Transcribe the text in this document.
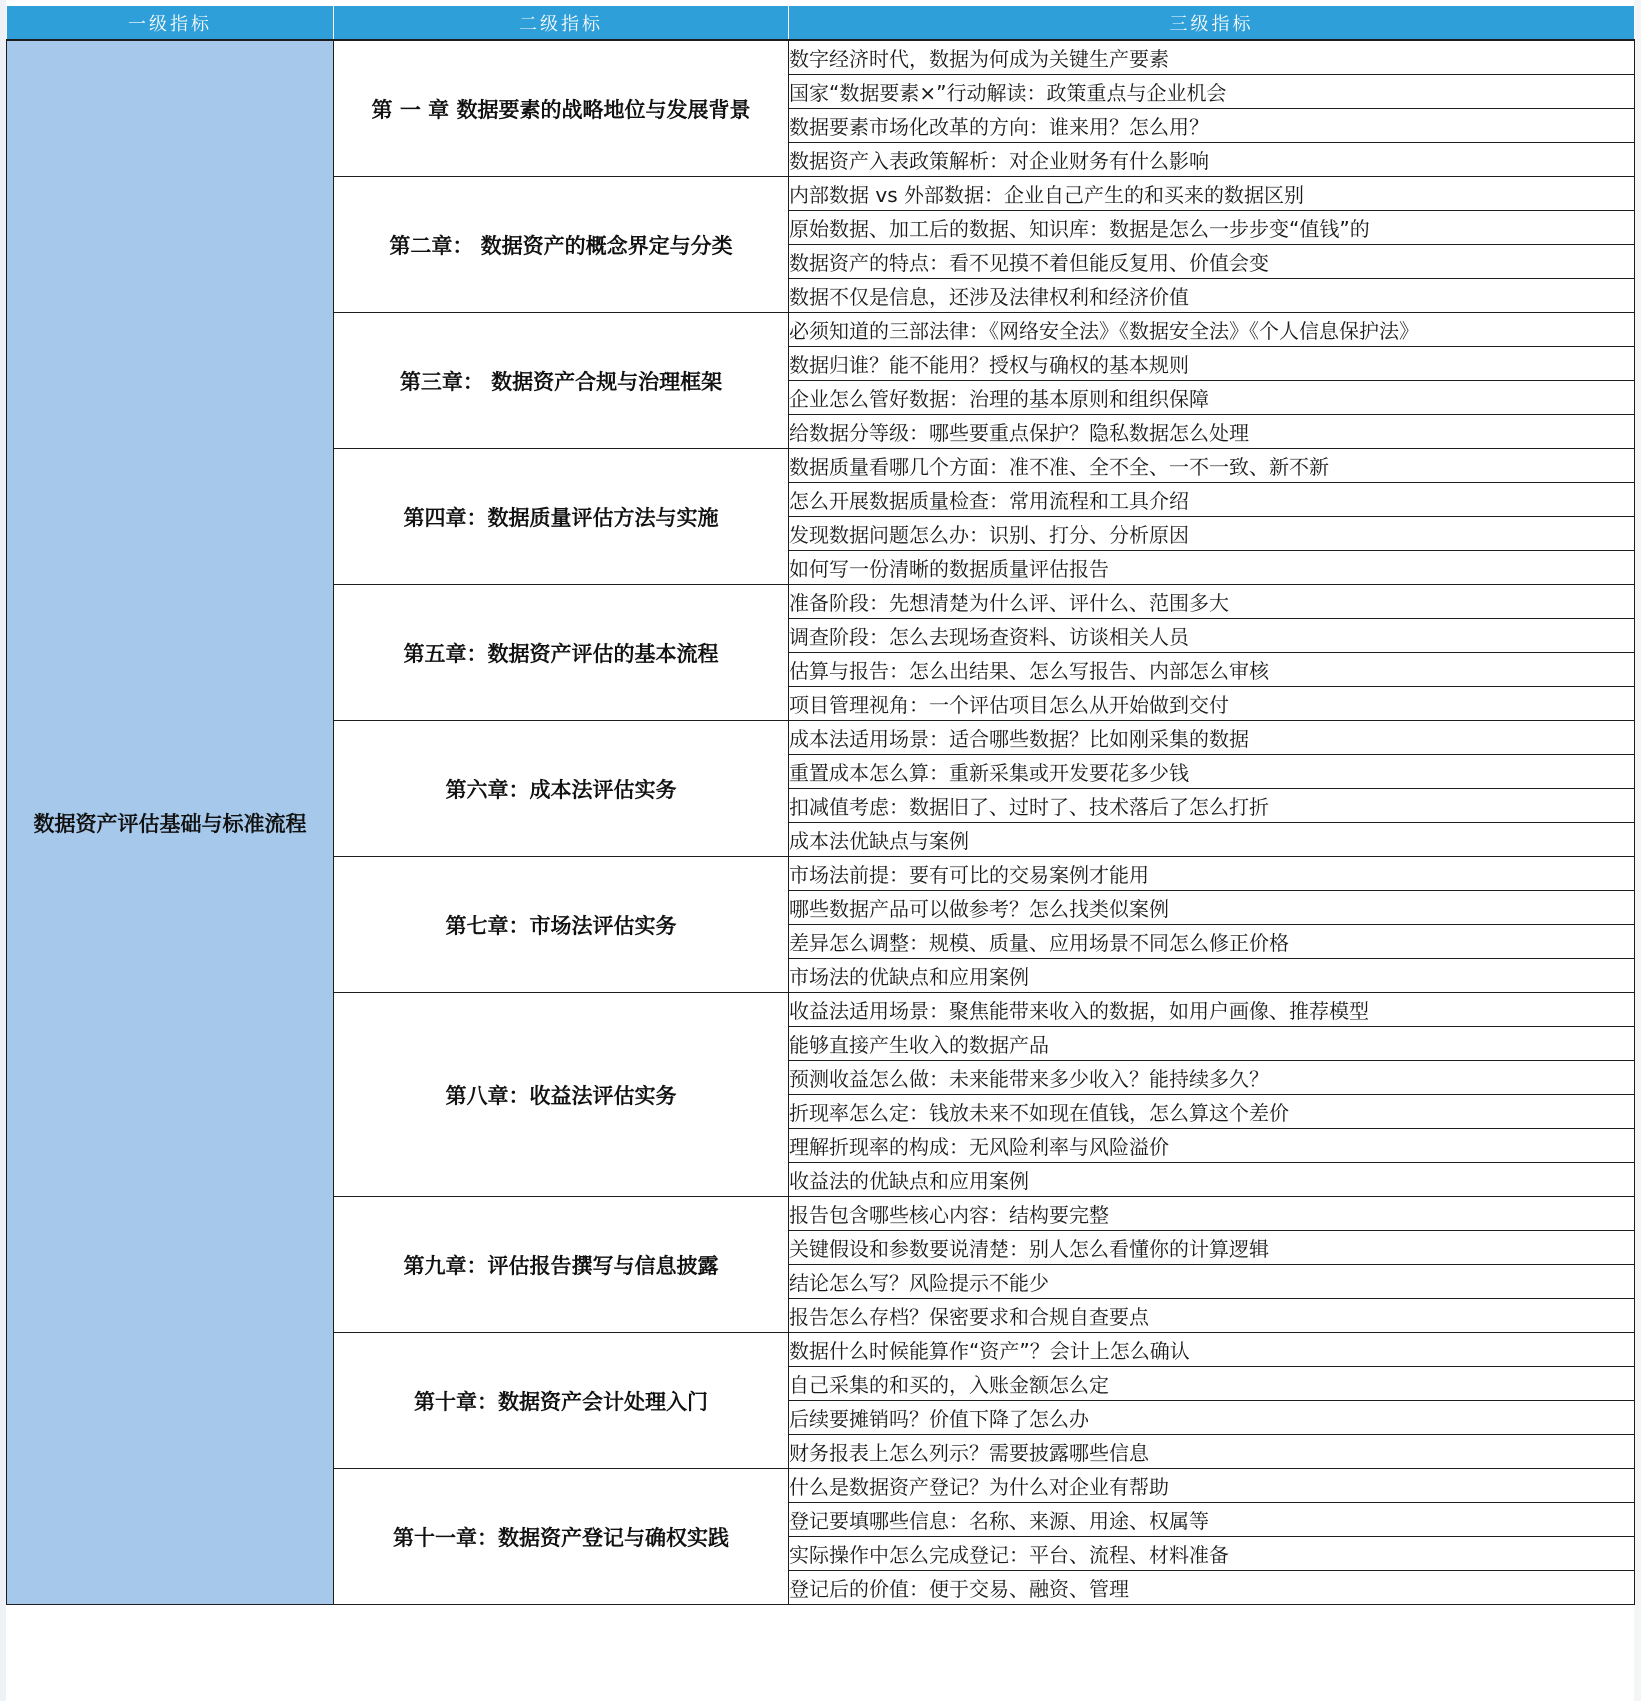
一级指标	二级指标	三级指标
数据资产评估基础与标准流程	第 一 章 数据要素的战略地位与发展背景	数字经济时代，数据为何成为关键生产要素
		国家“数据要素×”行动解读：政策重点与企业机会
		数据要素市场化改革的方向：谁来用？怎么用？
		数据资产入表政策解析：对企业财务有什么影响
	第二章： 数据资产的概念界定与分类	内部数据 vs 外部数据：企业自己产生的和买来的数据区别
		原始数据、加工后的数据、知识库：数据是怎么一步步变“值钱”的
		数据资产的特点：看不见摸不着但能反复用、价值会变
		数据不仅是信息，还涉及法律权利和经济价值
	第三章： 数据资产合规与治理框架	必须知道的三部法律：《网络安全法》《数据安全法》《个人信息保护法》
		数据归谁？能不能用？授权与确权的基本规则
		企业怎么管好数据：治理的基本原则和组织保障
		给数据分等级：哪些要重点保护？隐私数据怎么处理
	第四章：数据质量评估方法与实施	数据质量看哪几个方面：准不准、全不全、一不一致、新不新
		怎么开展数据质量检查：常用流程和工具介绍
		发现数据问题怎么办：识别、打分、分析原因
		如何写一份清晰的数据质量评估报告
	第五章：数据资产评估的基本流程	准备阶段：先想清楚为什么评、评什么、范围多大
		调查阶段：怎么去现场查资料、访谈相关人员
		估算与报告：怎么出结果、怎么写报告、内部怎么审核
		项目管理视角：一个评估项目怎么从开始做到交付
	第六章：成本法评估实务	成本法适用场景：适合哪些数据？比如刚采集的数据
		重置成本怎么算：重新采集或开发要花多少钱
		扣减值考虑：数据旧了、过时了、技术落后了怎么打折
		成本法优缺点与案例
	第七章：市场法评估实务	市场法前提：要有可比的交易案例才能用
		哪些数据产品可以做参考？怎么找类似案例
		差异怎么调整：规模、质量、应用场景不同怎么修正价格
		市场法的优缺点和应用案例
	第八章：收益法评估实务	收益法适用场景：聚焦能带来收入的数据，如用户画像、推荐模型
		能够直接产生收入的数据产品
		预测收益怎么做：未来能带来多少收入？能持续多久？
		折现率怎么定：钱放未来不如现在值钱，怎么算这个差价
		理解折现率的构成：无风险利率与风险溢价
		收益法的优缺点和应用案例
	第九章：评估报告撰写与信息披露	报告包含哪些核心内容：结构要完整
		关键假设和参数要说清楚：别人怎么看懂你的计算逻辑
		结论怎么写？风险提示不能少
		报告怎么存档？保密要求和合规自查要点
	第十章：数据资产会计处理入门	数据什么时候能算作“资产”？会计上怎么确认
		自己采集的和买的，入账金额怎么定
		后续要摊销吗？价值下降了怎么办
		财务报表上怎么列示？需要披露哪些信息
	第十一章：数据资产登记与确权实践	什么是数据资产登记？为什么对企业有帮助
		登记要填哪些信息：名称、来源、用途、权属等
		实际操作中怎么完成登记：平台、流程、材料准备
		登记后的价值：便于交易、融资、管理
